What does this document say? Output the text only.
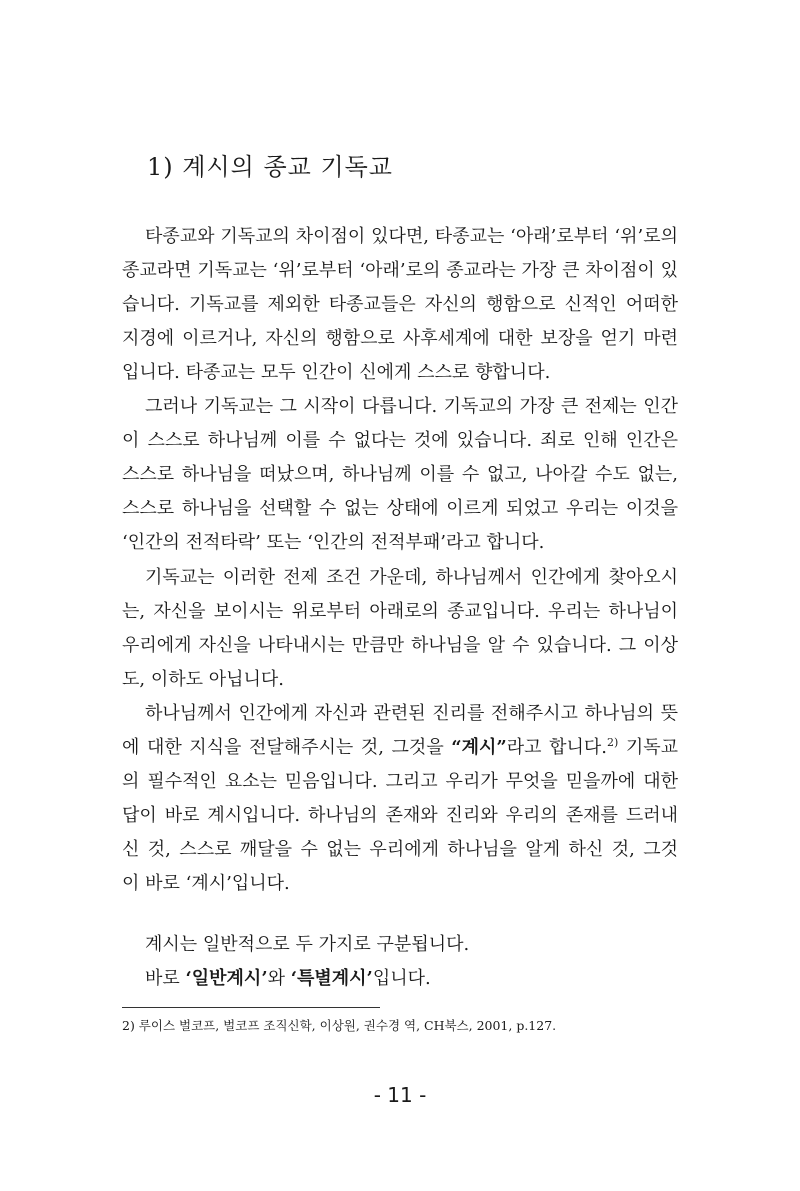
1) 계시의 종교 기독교
타종교와 기독교의 차이점이 있다면, 타종교는 ‘아래’로부터 ‘위’로의
종교라면 기독교는 ‘위’로부터 ‘아래’로의 종교라는 가장 큰 차이점이 있
습니다. 기독교를 제외한 타종교들은 자신의 행함으로 신적인 어떠한
지경에 이르거나, 자신의 행함으로 사후세계에 대한 보장을 얻기 마련
입니다. 타종교는 모두 인간이 신에게 스스로 향합니다.
그러나 기독교는 그 시작이 다릅니다. 기독교의 가장 큰 전제는 인간
이 스스로 하나님께 이를 수 없다는 것에 있습니다. 죄로 인해 인간은
스스로 하나님을 떠났으며, 하나님께 이를 수 없고, 나아갈 수도 없는,
스스로 하나님을 선택할 수 없는 상태에 이르게 되었고 우리는 이것을
‘인간의 전적타락’ 또는 ‘인간의 전적부패’라고 합니다.
기독교는 이러한 전제 조건 가운데, 하나님께서 인간에게 찾아오시
는, 자신을 보이시는 위로부터 아래로의 종교입니다. 우리는 하나님이
우리에게 자신을 나타내시는 만큼만 하나님을 알 수 있습니다. 그 이상
도, 이하도 아닙니다.
하나님께서 인간에게 자신과 관련된 진리를 전해주시고 하나님의 뜻
에 대한 지식을 전달해주시는 것, 그것을 “계시”라고 합니다.$^{2)}$ 기독교
의 필수적인 요소는 믿음입니다. 그리고 우리가 무엇을 믿을까에 대한
답이 바로 계시입니다. 하나님의 존재와 진리와 우리의 존재를 드러내
신 것, 스스로 깨달을 수 없는 우리에게 하나님을 알게 하신 것, 그것
이 바로 ‘계시’입니다.
계시는 일반적으로 두 가지로 구분됩니다.
바로 ‘일반계시’와 ‘특별계시’입니다.
2) 루이스 벌코프, 벌코프 조직신학, 이상원, 권수경 역, CH북스, 2001, p.127.
- 11 -
